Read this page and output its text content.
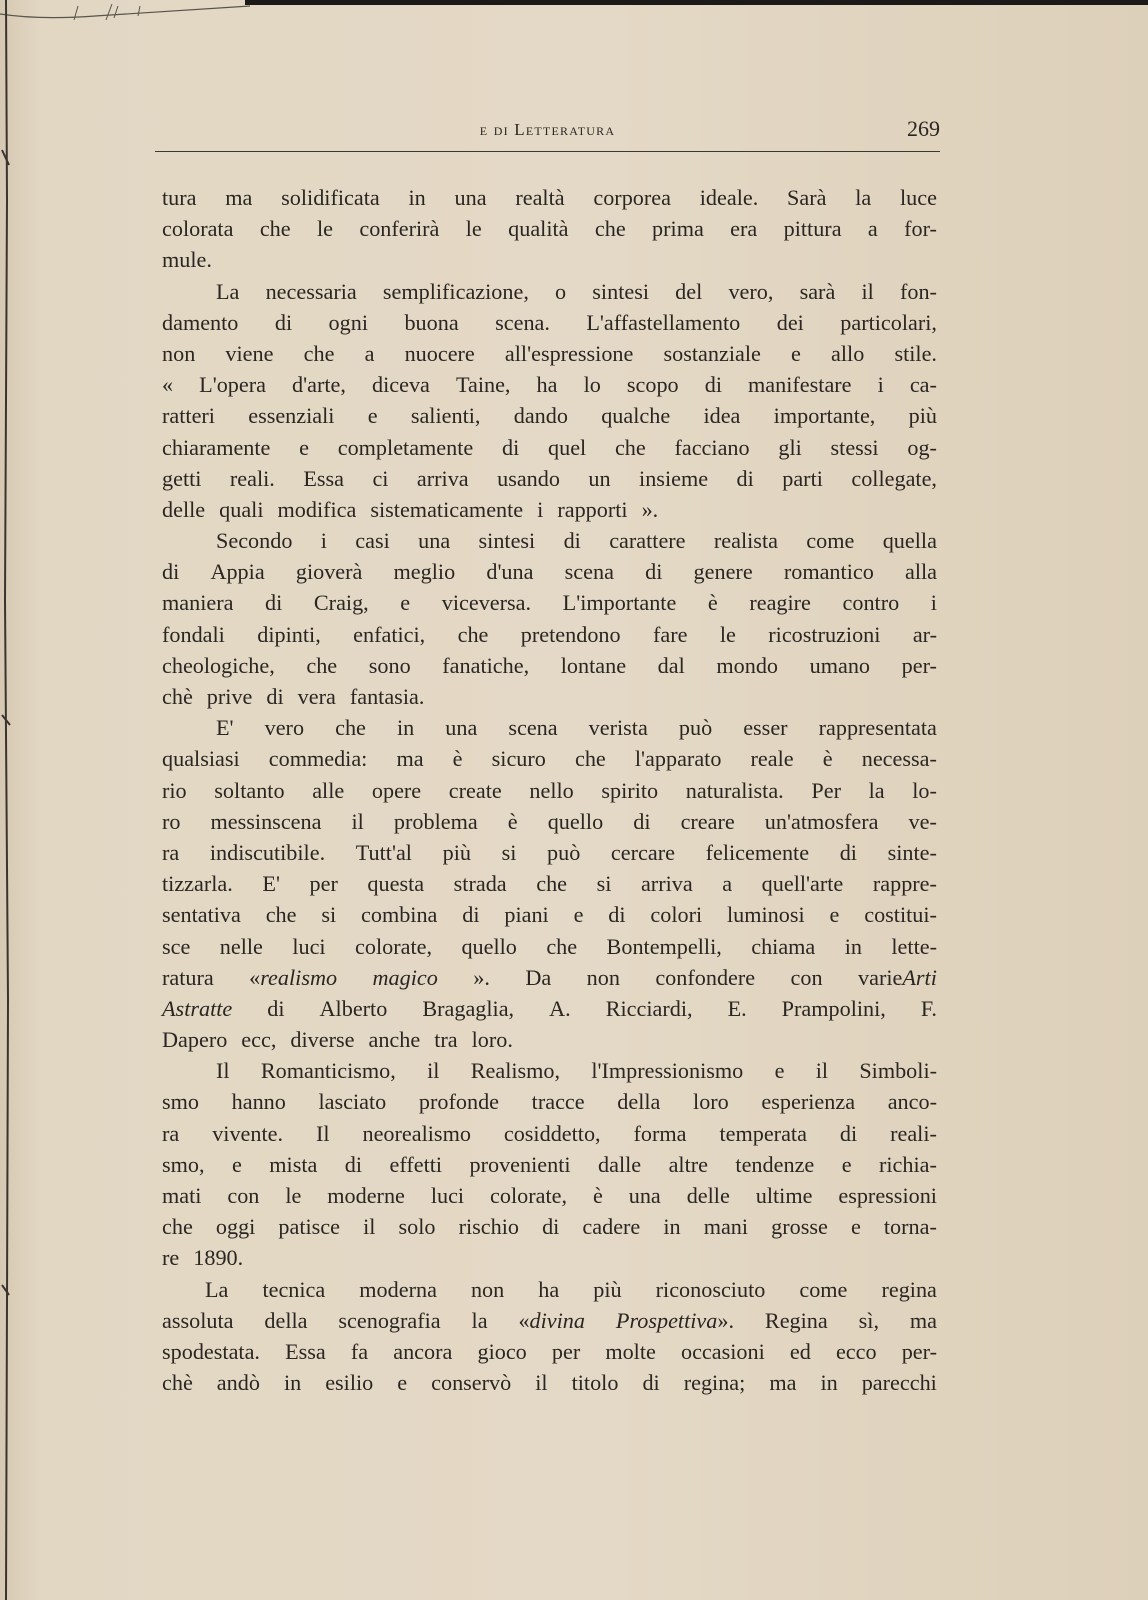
e di Letteratura	269
tura ma solidificata in una realtà corporea ideale. Sarà la luce
colorata che le conferirà le qualità che prima era pittura a for-
mule.
La necessaria semplificazione, o sintesi del vero, sarà il fon-
damento di ogni buona scena. L'affastellamento dei particolari,
non viene che a nuocere all'espressione sostanziale e allo stile.
« L'opera d'arte, diceva Taine, ha lo scopo di manifestare i ca-
ratteri essenziali e salienti, dando qualche idea importante, più
chiaramente e completamente di quel che facciano gli stessi og-
getti reali. Essa ci arriva usando un insieme di parti collegate,
delle quali modifica sistematicamente i rapporti ».
Secondo i casi una sintesi di carattere realista come quella
di Appia gioverà meglio d'una scena di genere romantico alla
maniera di Craig, e viceversa. L'importante è reagire contro i
fondali dipinti, enfatici, che pretendono fare le ricostruzioni ar-
cheologiche, che sono fanatiche, lontane dal mondo umano per-
chè prive di vera fantasia.
E' vero che in una scena verista può esser rappresentata
qualsiasi commedia: ma è sicuro che l'apparato reale è necessa-
rio soltanto alle opere create nello spirito naturalista. Per la lo-
ro messinscena il problema è quello di creare un'atmosfera ve-
ra indiscutibile. Tutt'al più si può cercare felicemente di sinte-
tizzarla. E' per questa strada che si arriva a quell'arte rappre-
sentativa che si combina di piani e di colori luminosi e costitui-
sce nelle luci colorate, quello che Bontempelli, chiama in lette-
ratura «realismo magico ». Da non confondere con varieArti
Astratte di Alberto Bragaglia, A. Ricciardi, E. Prampolini, F.
Dapero ecc, diverse anche tra loro.
Il Romanticismo, il Realismo, l'Impressionismo e il Simboli-
smo hanno lasciato profonde tracce della loro esperienza anco-
ra vivente. Il neorealismo cosiddetto, forma temperata di reali-
smo, e mista di effetti provenienti dalle altre tendenze e richia-
mati con le moderne luci colorate, è una delle ultime espressioni
che oggi patisce il solo rischio di cadere in mani grosse e torna-
re 1890.
La tecnica moderna non ha più riconosciuto come regina
assoluta della scenografia la «divina Prospettiva». Regina sì, ma
spodestata. Essa fa ancora gioco per molte occasioni ed ecco per-
chè andò in esilio e conservò il titolo di regina; ma in parecchi
